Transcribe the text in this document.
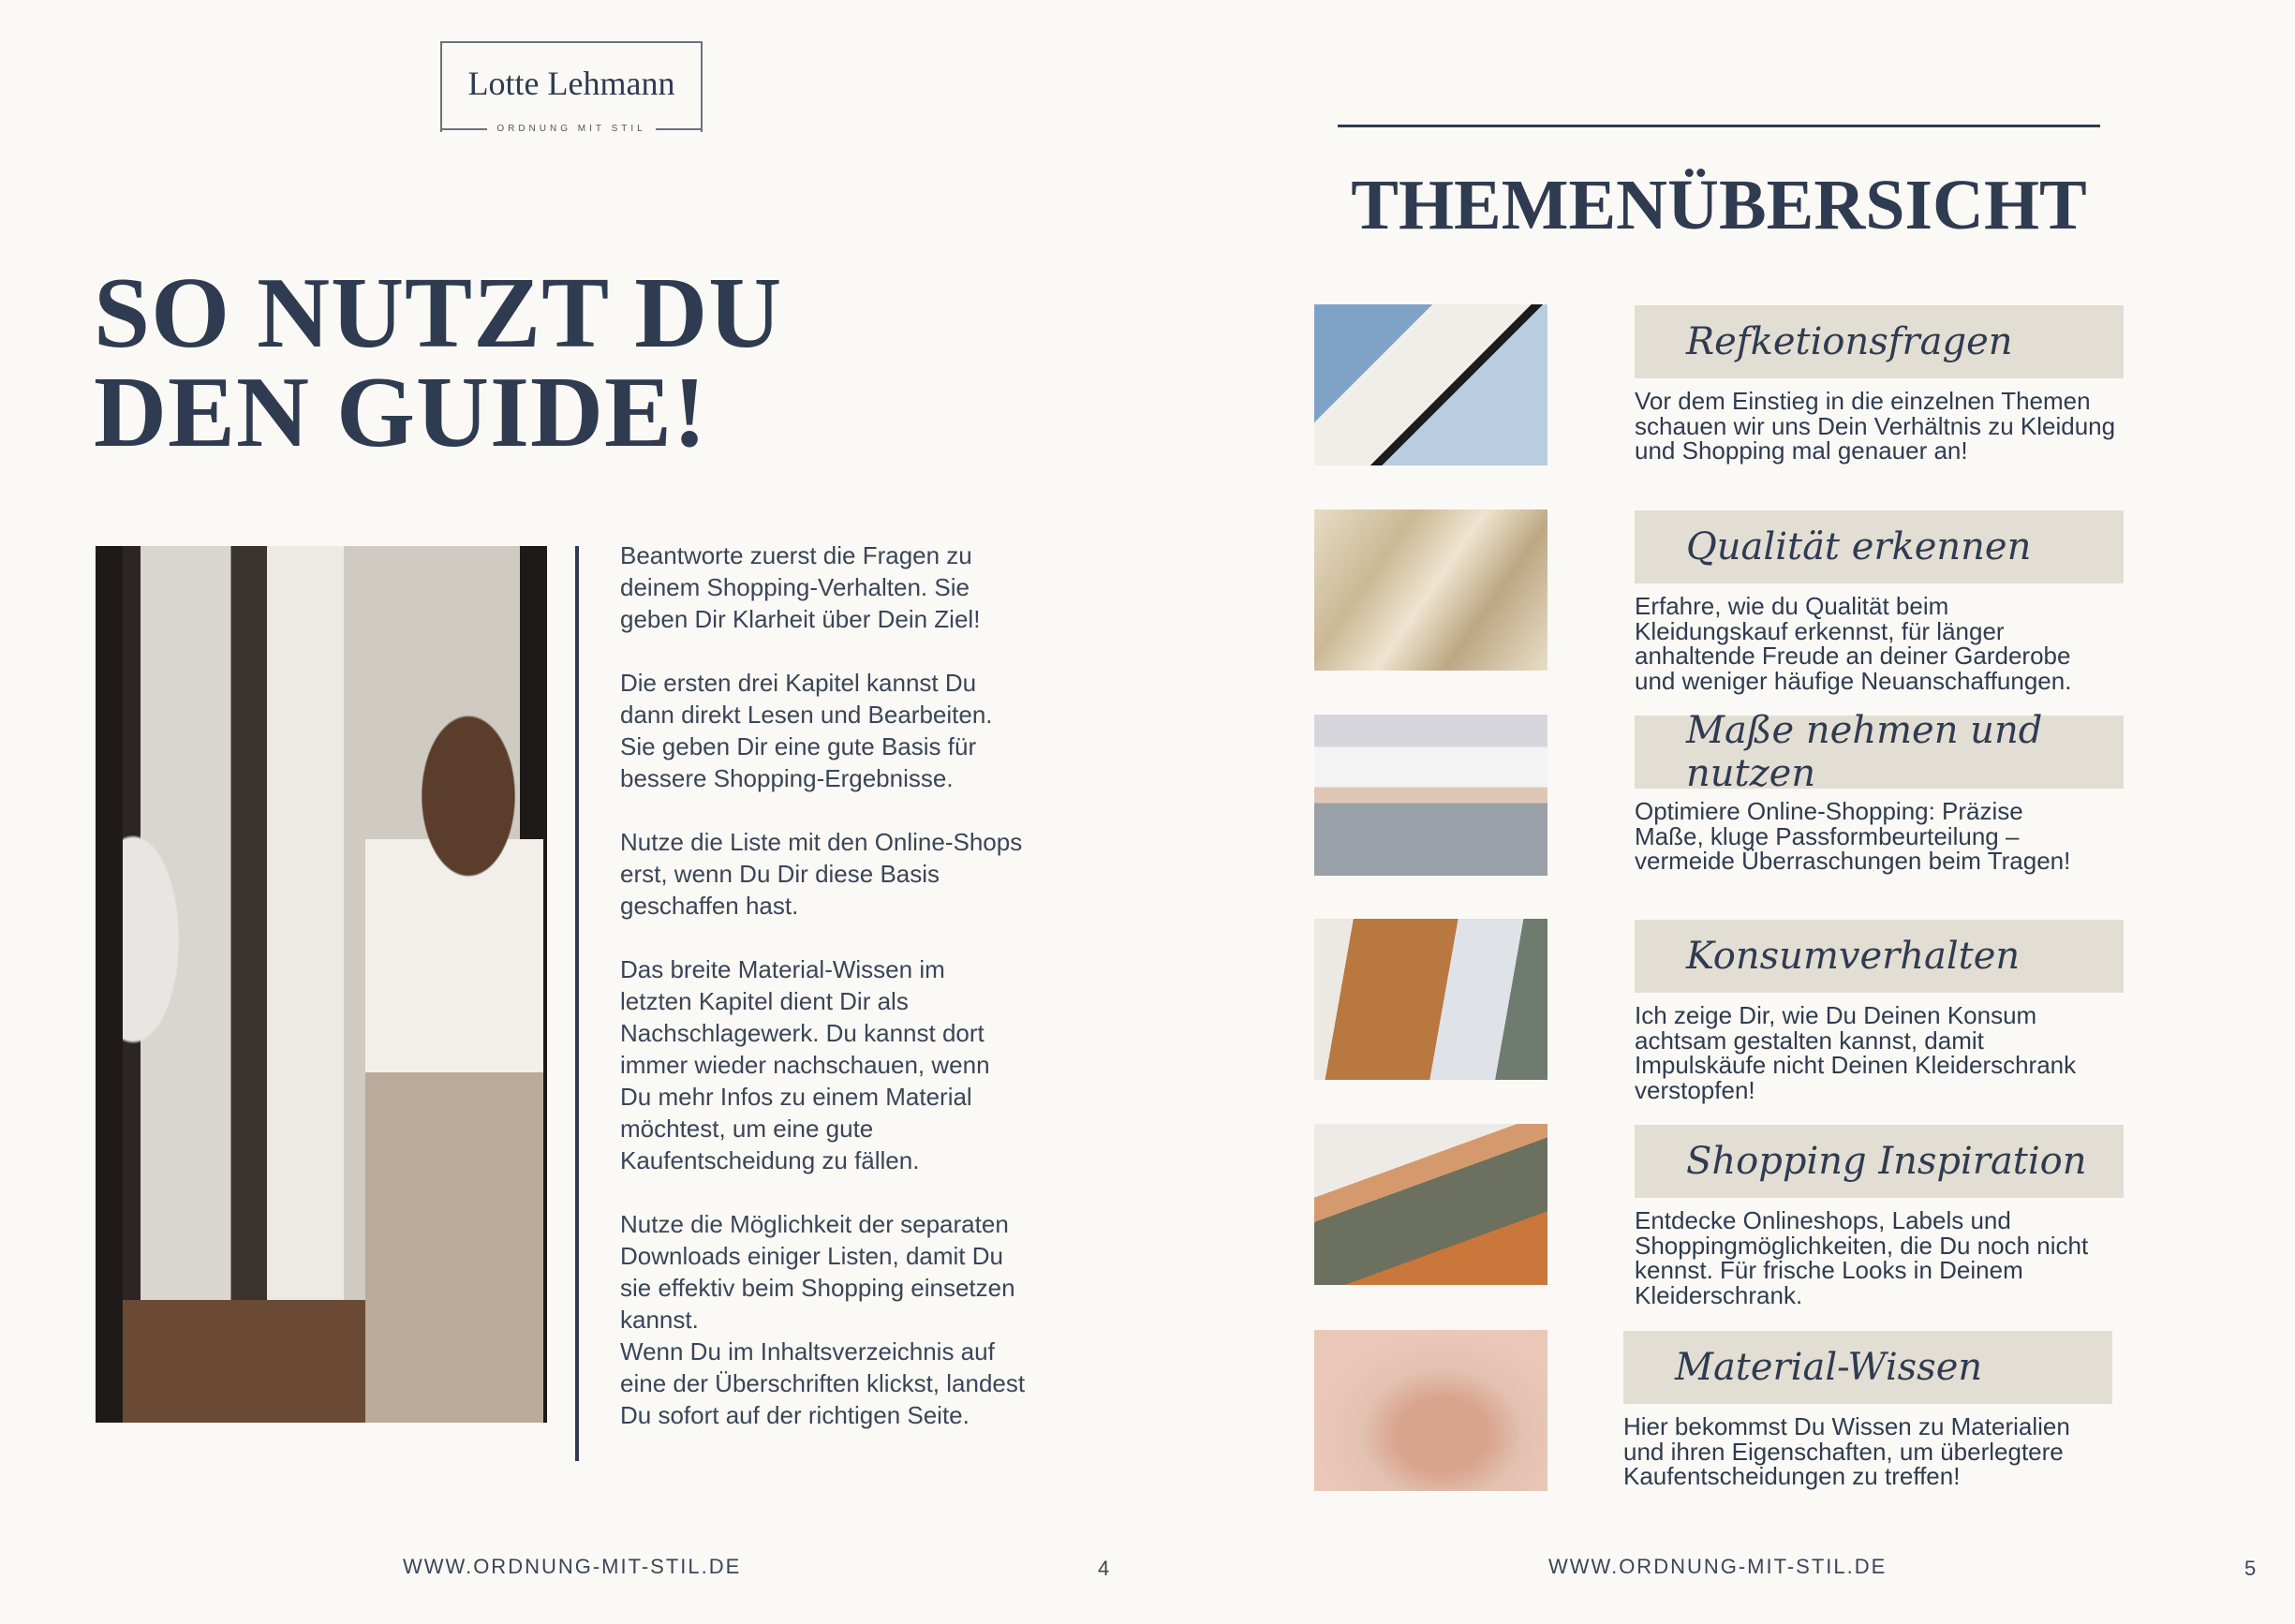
Lotte Lehmann
ORDNUNG MIT STIL
SO NUTZT DU
DEN GUIDE!

Beantworte zuerst die Fragen zu
deinem Shopping-Verhalten. Sie
geben Dir Klarheit über Dein Ziel!

Die ersten drei Kapitel kannst Du
dann direkt Lesen und Bearbeiten.
Sie geben Dir eine gute Basis für
bessere Shopping-Ergebnisse.

Nutze die Liste mit den Online-Shops
erst, wenn Du Dir diese Basis
geschaffen hast.

Das breite Material-Wissen im
letzten Kapitel dient Dir als
Nachschlagewerk. Du kannst dort
immer wieder nachschauen, wenn
Du mehr Infos zu einem Material
möchtest, um eine gute
Kaufentscheidung zu fällen.

Nutze die Möglichkeit der separaten
Downloads einiger Listen, damit Du
sie effektiv beim Shopping einsetzen
kannst.

Wenn Du im Inhaltsverzeichnis auf
eine der Überschriften klickst, landest
Du sofort auf der richtigen Seite.

WWW.ORDNUNG-MIT-STIL.DE	4
THEMENÜBERSICHT
Refketionsfragen
Vor dem Einstieg in die einzelnen Themen
schauen wir uns Dein Verhältnis zu Kleidung
und Shopping mal genauer an!
Qualität erkennen
Erfahre, wie du Qualität beim
Kleidungskauf erkennst, für länger
anhaltende Freude an deiner Garderobe
und weniger häufige Neuanschaffungen.
Maße nehmen und nutzen
Optimiere Online-Shopping: Präzise
Maße, kluge Passformbeurteilung –
vermeide Überraschungen beim Tragen!
Konsumverhalten
Ich zeige Dir, wie Du Deinen Konsum
achtsam gestalten kannst, damit
Impulskäufe nicht Deinen Kleiderschrank
verstopfen!
Shopping Inspiration
Entdecke Onlineshops, Labels und
Shoppingmöglichkeiten, die Du noch nicht
kennst. Für frische Looks in Deinem
Kleiderschrank.
Material-Wissen
Hier bekommst Du Wissen zu Materialien
und ihren Eigenschaften, um überlegtere
Kaufentscheidungen zu treffen!
WWW.ORDNUNG-MIT-STIL.DE	5
